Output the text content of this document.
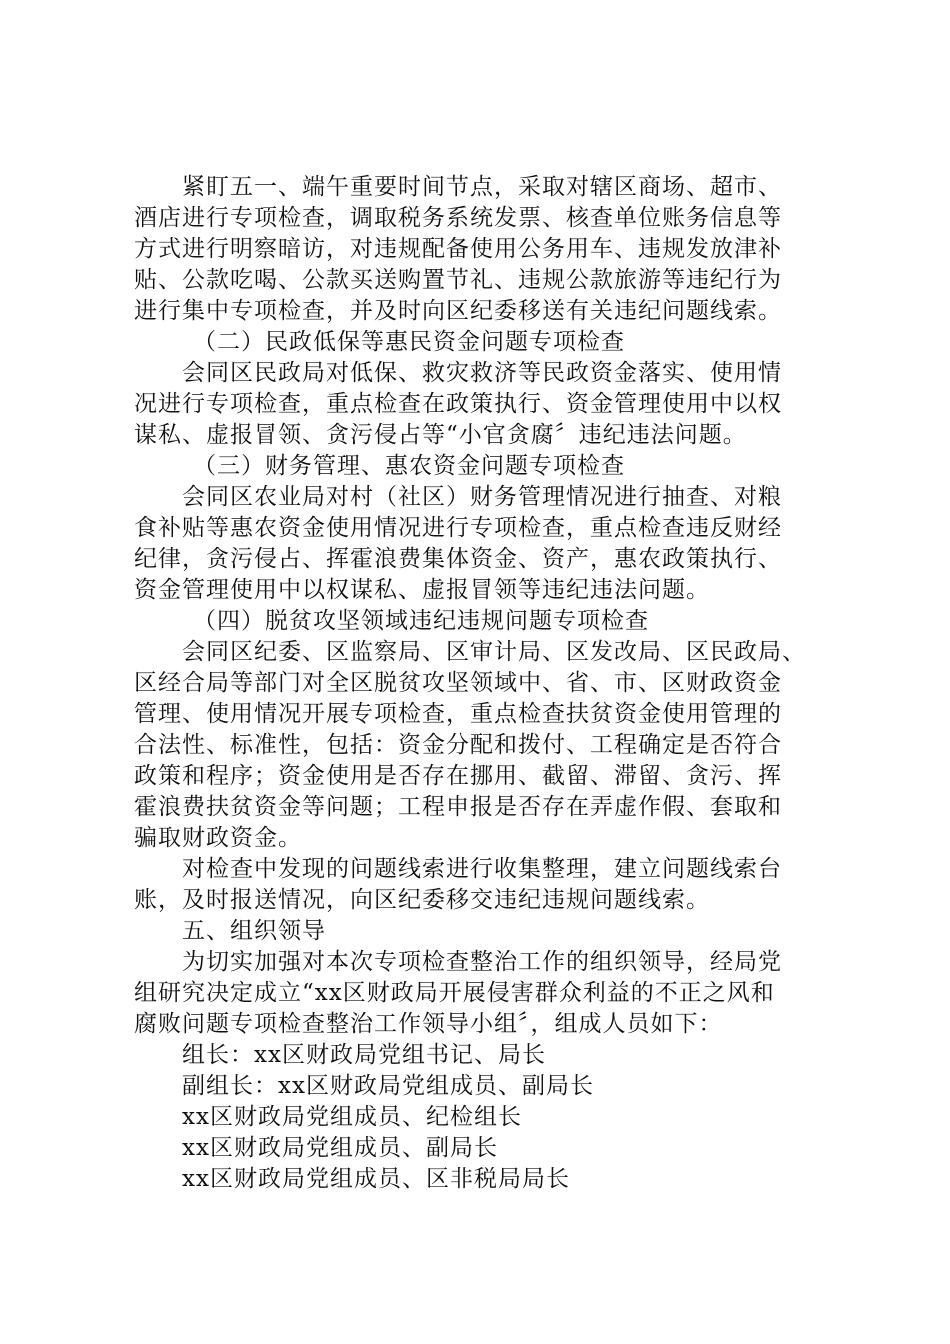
紧盯五一、端午重要时间节点，采取对辖区商场、超市、
酒店进行专项检查，调取税务系统发票、核查单位账务信息等
方式进行明察暗访，对违规配备使用公务用车、违规发放津补
贴、公款吃喝、公款买送购置节礼、违规公款旅游等违纪行为
进行集中专项检查，并及时向区纪委移送有关违纪问题线索。
（二）民政低保等惠民资金问题专项检查
会同区民政局对低保、救灾救济等民政资金落实、使用情
况进行专项检查，重点检查在政策执行、资金管理使用中以权
谋私、虚报冒领、贪污侵占等“小官贪腐〞违纪违法问题。
（三）财务管理、惠农资金问题专项检查
会同区农业局对村（社区）财务管理情况进行抽查、对粮
食补贴等惠农资金使用情况进行专项检查，重点检查违反财经
纪律，贪污侵占、挥霍浪费集体资金、资产，惠农政策执行、
资金管理使用中以权谋私、虚报冒领等违纪违法问题。
（四）脱贫攻坚领域违纪违规问题专项检查
会同区纪委、区监察局、区审计局、区发改局、区民政局、
区经合局等部门对全区脱贫攻坚领域中、省、市、区财政资金
管理、使用情况开展专项检查，重点检查扶贫资金使用管理的
合法性、标准性，包括：资金分配和拨付、工程确定是否符合
政策和程序；资金使用是否存在挪用、截留、滞留、贪污、挥
霍浪费扶贫资金等问题；工程申报是否存在弄虚作假、套取和
骗取财政资金。
对检查中发现的问题线索进行收集整理，建立问题线索台
账，及时报送情况，向区纪委移交违纪违规问题线索。
五、组织领导
为切实加强对本次专项检查整治工作的组织领导，经局党
组研究决定成立“xx区财政局开展侵害群众利益的不正之风和
腐败问题专项检查整治工作领导小组〞，组成人员如下：
组长：xx区财政局党组书记、局长
副组长：xx区财政局党组成员、副局长
xx区财政局党组成员、纪检组长
xx区财政局党组成员、副局长
xx区财政局党组成员、区非税局局长
